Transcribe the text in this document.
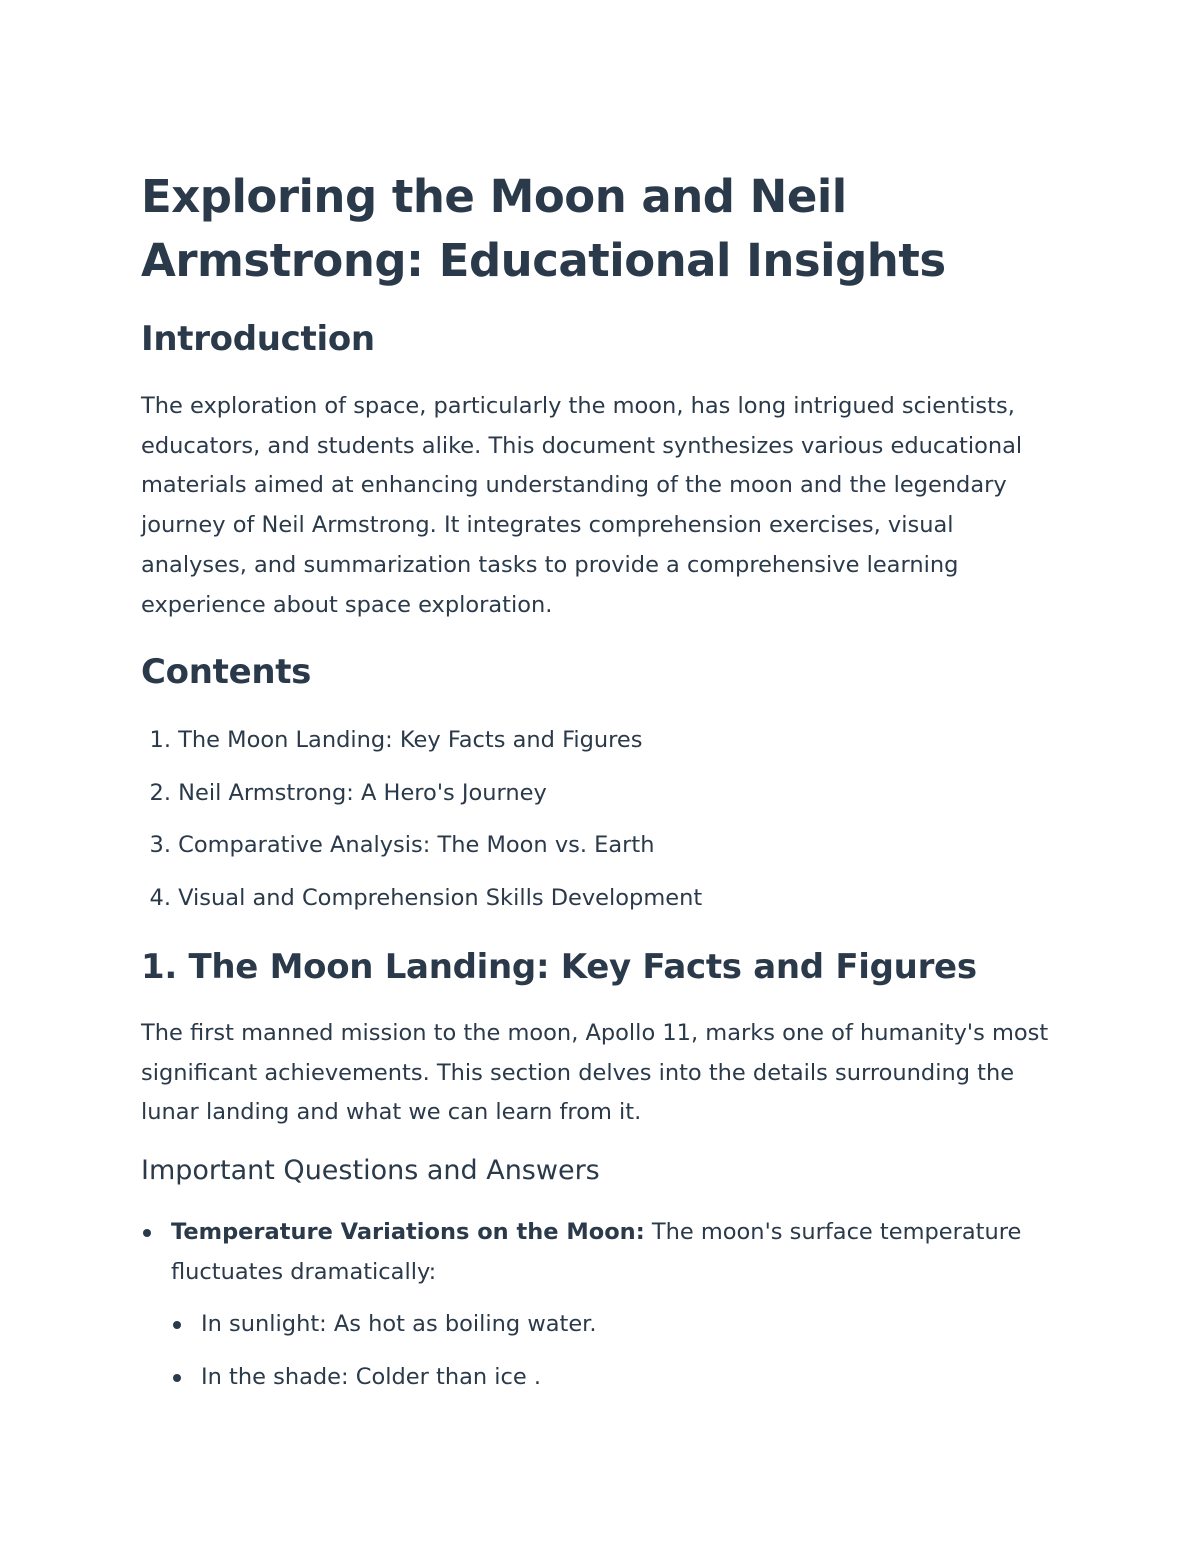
Exploring the Moon and Neil Armstrong: Educational Insights
Introduction

The exploration of space, particularly the moon, has long intrigued scientists, educators, and students alike. This document synthesizes various educational materials aimed at enhancing understanding of the moon and the legendary journey of Neil Armstrong. It integrates comprehension exercises, visual analyses, and summarization tasks to provide a comprehensive learning experience about space exploration.

Contents
1. The Moon Landing: Key Facts and Figures
2. Neil Armstrong: A Hero's Journey
3. Comparative Analysis: The Moon vs. Earth
4. Visual and Comprehension Skills Development
1. The Moon Landing: Key Facts and Figures

The first manned mission to the moon, Apollo 11, marks one of humanity's most significant achievements. This section delves into the details surrounding the lunar landing and what we can learn from it.

Important Questions and Answers
Temperature Variations on the Moon: The moon's surface temperature fluctuates dramatically:
In sunlight: As hot as boiling water.
In the shade: Colder than ice .
